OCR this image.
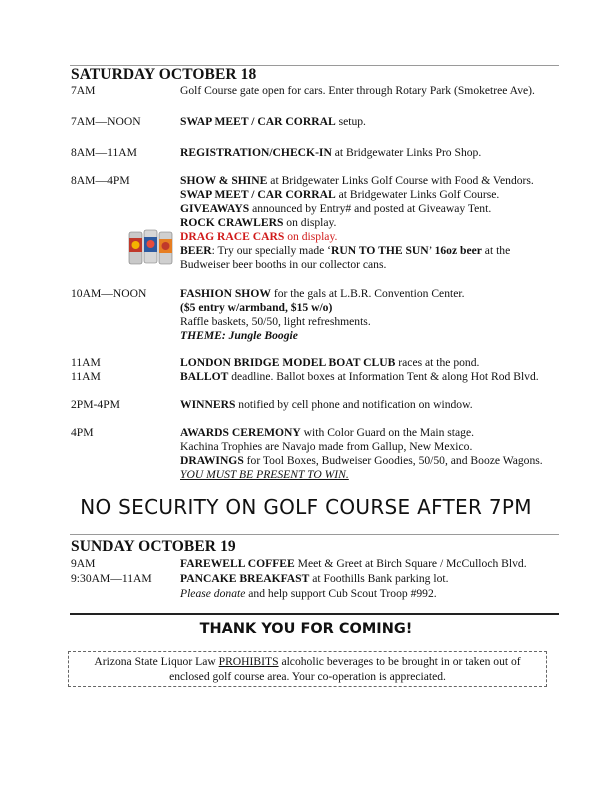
SATURDAY OCTOBER 18
7AM	Golf Course gate open for cars. Enter through Rotary Park (Smoketree Ave).
7AM—NOON	SWAP MEET / CAR CORRAL setup.
8AM—11AM	REGISTRATION/CHECK-IN at Bridgewater Links Pro Shop.
8AM—4PM	SHOW & SHINE at Bridgewater Links Golf Course with Food & Vendors.
SWAP MEET / CAR CORRAL at Bridgewater Links Golf Course.
GIVEAWAYS announced by Entry# and posted at Giveaway Tent.
ROCK CRAWLERS on display.
DRAG RACE CARS on display.
BEER: Try our specially made ‘RUN TO THE SUN’ 16oz beer at the
Budweiser beer booths in our collector cans.
10AM—NOON	FASHION SHOW for the gals at L.B.R. Convention Center.
($5 entry w/armband, $15 w/o)
Raffle baskets, 50/50, light refreshments.
THEME: Jungle Boogie
11AM	LONDON BRIDGE MODEL BOAT CLUB races at the pond.
11AM	BALLOT deadline. Ballot boxes at Information Tent & along Hot Rod Blvd.
2PM-4PM	WINNERS notified by cell phone and notification on window.
4PM	AWARDS CEREMONY with Color Guard on the Main stage.
Kachina Trophies are Navajo made from Gallup, New Mexico.
DRAWINGS for Tool Boxes, Budweiser Goodies, 50/50, and Booze Wagons.
YOU MUST BE PRESENT TO WIN.
NO SECURITY ON GOLF COURSE AFTER 7PM
SUNDAY OCTOBER 19
9AM	FAREWELL COFFEE Meet & Greet at Birch Square / McCulloch Blvd.
9:30AM—11AM PANCAKE BREAKFAST at Foothills Bank parking lot.
Please donate and help support Cub Scout Troop #992.
THANK YOU FOR COMING!
Arizona State Liquor Law PROHIBITS alcoholic beverages to be brought in or taken out of
enclosed golf course area. Your co-operation is appreciated.
